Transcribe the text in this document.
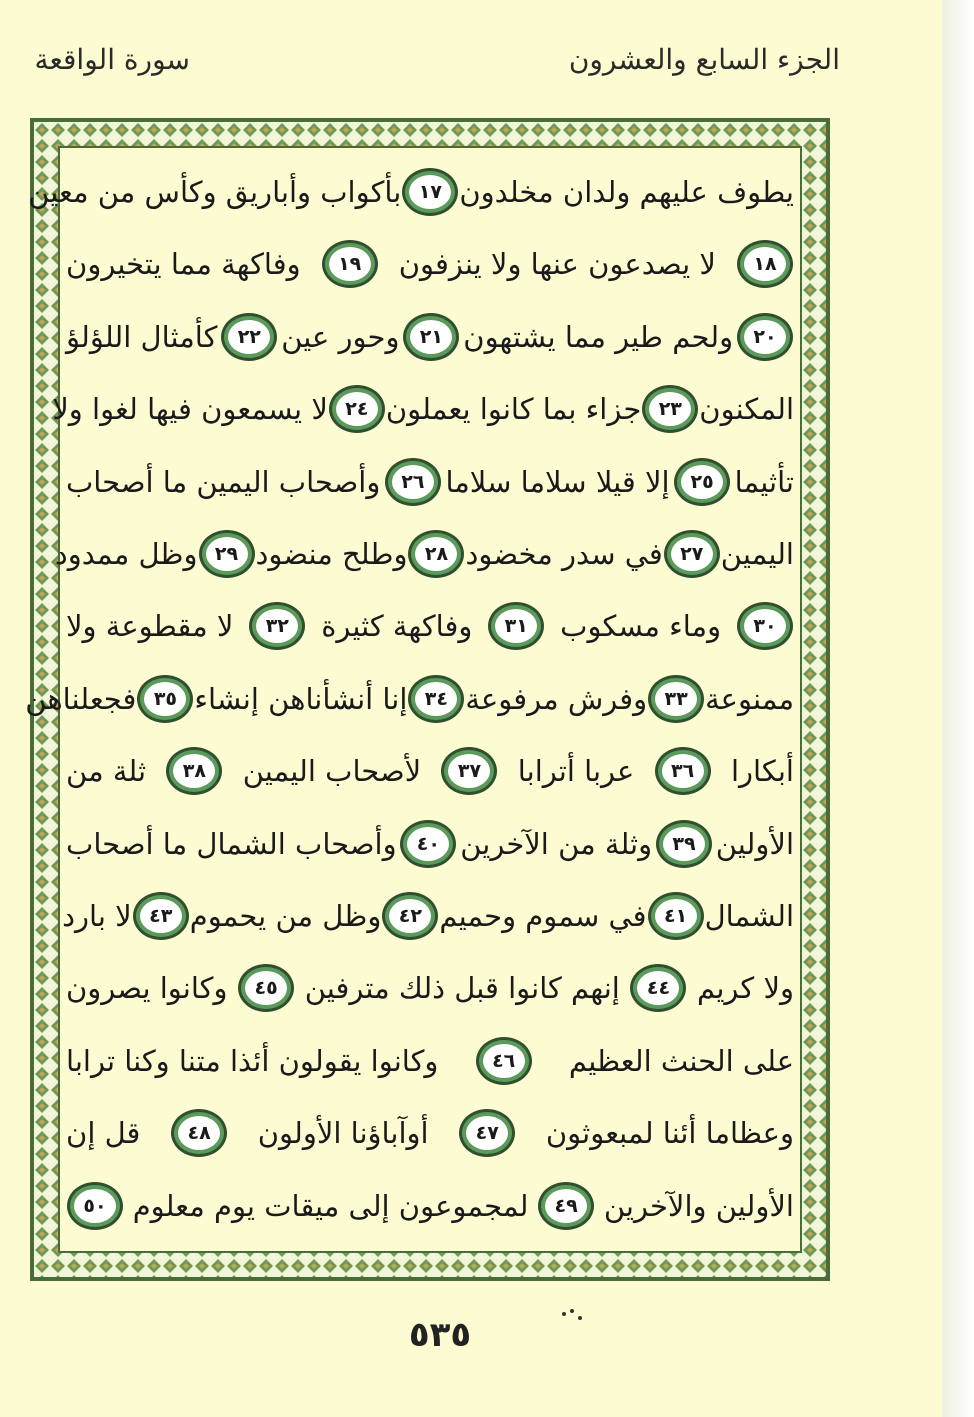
سورة الواقعة	الجزء السابع والعشرون
يطوف عليهم ولدان مخلدون
١٧
بأكواب وأباريق وكأس من معين
١٨
لا يصدعون عنها ولا ينزفون
١٩
وفاكهة مما يتخيرون
٢٠
ولحم طير مما يشتهون
٢١
وحور عين
٢٢
كأمثال اللؤلؤ
المكنون
٢٣
جزاء بما كانوا يعملون
٢٤
لا يسمعون فيها لغوا ولا
تأثيما
٢٥
إلا قيلا سلاما سلاما
٢٦
وأصحاب اليمين ما أصحاب
اليمين
٢٧
في سدر مخضود
٢٨
وطلح منضود
٢٩
وظل ممدود
٣٠
وماء مسكوب
٣١
وفاكهة كثيرة
٣٢
لا مقطوعة ولا
ممنوعة
٣٣
وفرش مرفوعة
٣٤
إنا أنشأناهن إنشاء
٣٥
فجعلناهن
أبكارا
٣٦
عربا أترابا
٣٧
لأصحاب اليمين
٣٨
ثلة من
الأولين
٣٩
وثلة من الآخرين
٤٠
وأصحاب الشمال ما أصحاب
الشمال
٤١
في سموم وحميم
٤٢
وظل من يحموم
٤٣
لا بارد
ولا كريم
٤٤
إنهم كانوا قبل ذلك مترفين
٤٥
وكانوا يصرون
على الحنث العظيم
٤٦
وكانوا يقولون أئذا متنا وكنا ترابا
وعظاما أئنا لمبعوثون
٤٧
أوآباؤنا الأولون
٤٨
قل إن
الأولين والآخرين
٤٩
لمجموعون إلى ميقات يوم معلوم
٥٠
٥٣٥
